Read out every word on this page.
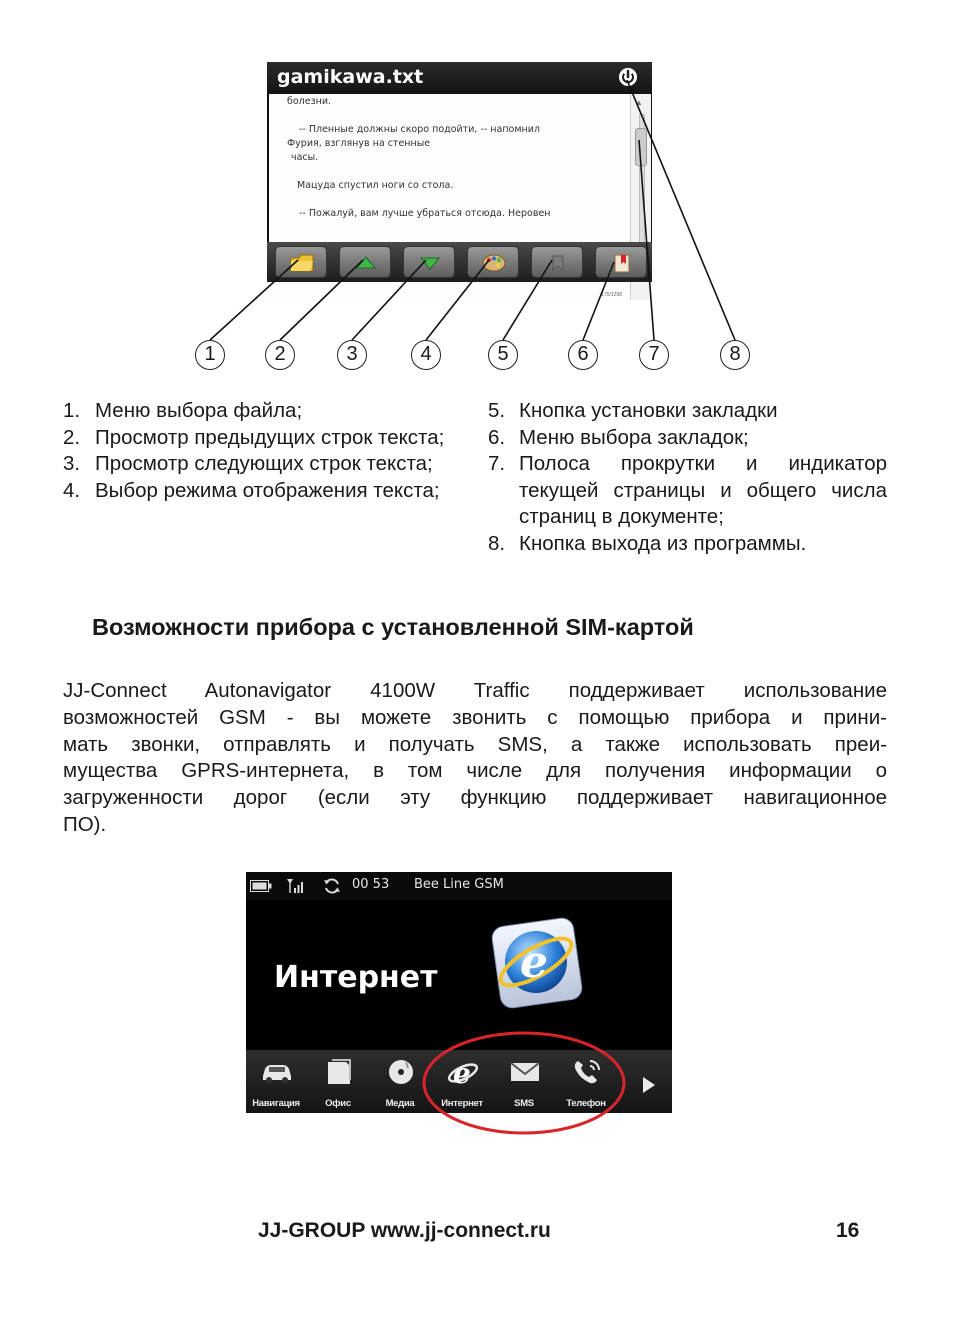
gamikawa.txt

болезни.

-- Пленные должны скоро подойти, -- напомнил

Фурия, взглянув на стенные

часы.

Мацуда спустил ноги со стола.

-- Пожалуй, вам лучше убраться отсюда. Неровен

175/1298
▲
1	2	3	4	5	6	7	8
1. Меню выбора файла;
2. Просмотр предыдущих строк текста;
3. Просмотр следующих строк текста;
4. Выбор режима отображения текста;
5. Кнопка установки закладки
6. Меню выбора закладок;
7. Полоса прокрутки и индикатор текущей страницы и общего числа страниц в документе;
8. Кнопка выхода из программы.
Возможности прибора с установленной SIM-картой
JJ-Connect Autonavigator 4100W Traffic поддерживает использование
возможностей GSM - вы можете звонить с помощью прибора и прини-
мать звонки, отправлять и получать SMS, а также использовать преи-
мущества GPRS-интернета, в том числе для получения информации о
загруженности дорог (если эту функцию поддерживает навигационное
ПО).
00 53 Bee Line GSM
Интернет e
Навигация	Офис	Медиа
e
Интернет	SMS	Телефон
JJ-GROUP www.jj-connect.ru	16
